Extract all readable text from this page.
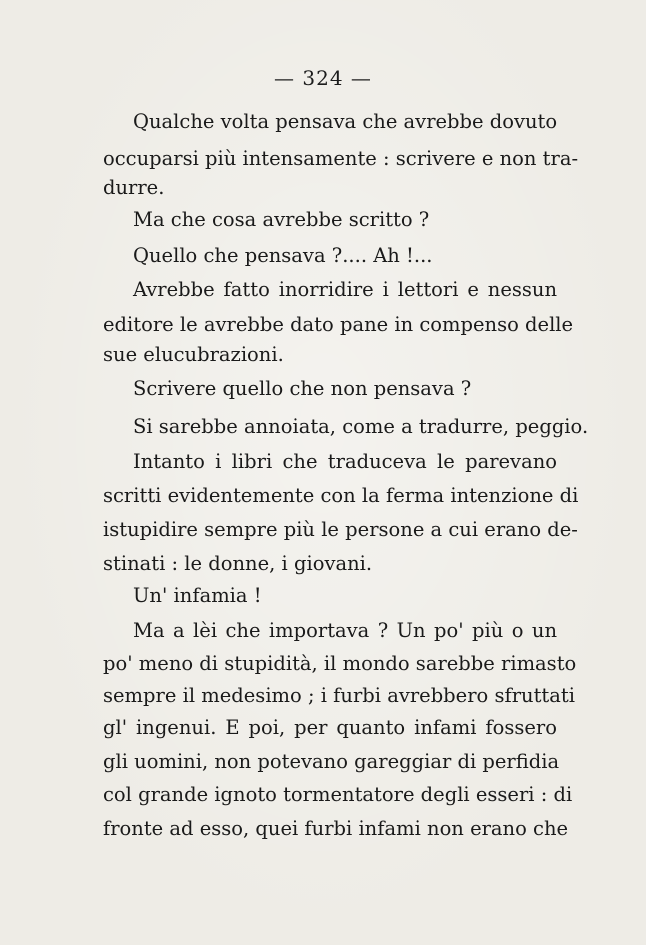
— 324 —
Qualche volta pensava che avrebbe dovuto
occuparsi più intensamente : scrivere e non tra-
durre.
Ma che cosa avrebbe scritto ?
Quello che pensava ?.... Ah !...
Avrebbe fatto inorridire i lettori e nessun
editore le avrebbe dato pane in compenso delle
sue elucubrazioni.
Scrivere quello che non pensava ?
Si sarebbe annoiata, come a tradurre, peggio.
Intanto i libri che traduceva le parevano
scritti evidentemente con la ferma intenzione di
istupidire sempre più le persone a cui erano de-
stinati : le donne, i giovani.
Un' infamia !
Ma a lèi che importava ? Un po' più o un
po' meno di stupidità, il mondo sarebbe rimasto
sempre il medesimo ; i furbi avrebbero sfruttati
gl' ingenui. E poi, per quanto infami fossero
gli uomini, non potevano gareggiar di perfidia
col grande ignoto tormentatore degli esseri : di
fronte ad esso, quei furbi infami non erano che
